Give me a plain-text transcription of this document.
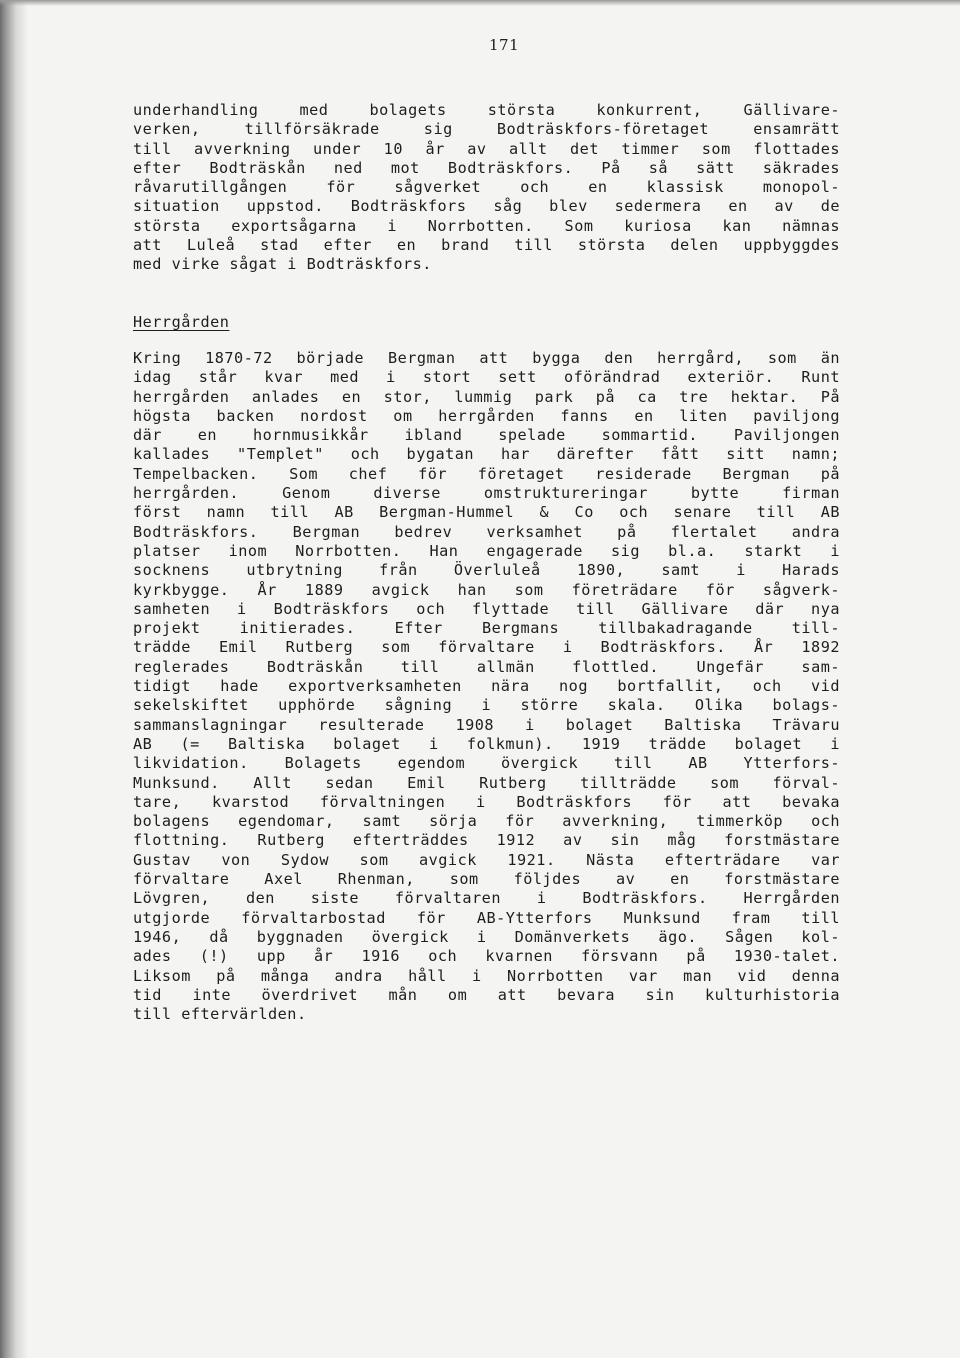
171
underhandling med bolagets största konkurrent, Gällivare-
verken, tillförsäkrade sig Bodträskfors-företaget ensamrätt
till avverkning under 10 år av allt det timmer som flottades
efter Bodträskån ned mot Bodträskfors. På så sätt säkrades
råvarutillgången för sågverket och en klassisk monopol-
situation uppstod. Bodträskfors såg blev sedermera en av de
största exportsågarna i Norrbotten. Som kuriosa kan nämnas
att Luleå stad efter en brand till största delen uppbyggdes
med virke sågat i Bodträskfors.
Herrgården
Kring 1870-72 började Bergman att bygga den herrgård, som än
idag står kvar med i stort sett oförändrad exteriör. Runt
herrgården anlades en stor, lummig park på ca tre hektar. På
högsta backen nordost om herrgården fanns en liten paviljong
där en hornmusikkår ibland spelade sommartid. Paviljongen
kallades "Templet" och bygatan har därefter fått sitt namn;
Tempelbacken. Som chef för företaget residerade Bergman på
herrgården. Genom diverse omstruktureringar bytte firman
först namn till AB Bergman-Hummel & Co och senare till AB
Bodträskfors. Bergman bedrev verksamhet på flertalet andra
platser inom Norrbotten. Han engagerade sig bl.a. starkt i
socknens utbrytning från Överluleå 1890, samt i Harads
kyrkbygge. År 1889 avgick han som företrädare för sågverk-
samheten i Bodträskfors och flyttade till Gällivare där nya
projekt initierades. Efter Bergmans tillbakadragande till-
trädde Emil Rutberg som förvaltare i Bodträskfors. År 1892
reglerades Bodträskån till allmän flottled. Ungefär sam-
tidigt hade exportverksamheten nära nog bortfallit, och vid
sekelskiftet upphörde sågning i större skala. Olika bolags-
sammanslagningar resulterade 1908 i bolaget Baltiska Trävaru
AB (= Baltiska bolaget i folkmun). 1919 trädde bolaget i
likvidation. Bolagets egendom övergick till AB Ytterfors-
Munksund. Allt sedan Emil Rutberg tillträdde som förval-
tare, kvarstod förvaltningen i Bodträskfors för att bevaka
bolagens egendomar, samt sörja för avverkning, timmerköp och
flottning. Rutberg efterträddes 1912 av sin måg forstmästare
Gustav von Sydow som avgick 1921. Nästa efterträdare var
förvaltare Axel Rhenman, som följdes av en forstmästare
Lövgren, den siste förvaltaren i Bodträskfors. Herrgården
utgjorde förvaltarbostad för AB-Ytterfors Munksund fram till
1946, då byggnaden övergick i Domänverkets ägo. Sågen kol-
ades (!) upp år 1916 och kvarnen försvann på 1930-talet.
Liksom på många andra håll i Norrbotten var man vid denna
tid inte överdrivet mån om att bevara sin kulturhistoria
till eftervärlden.
